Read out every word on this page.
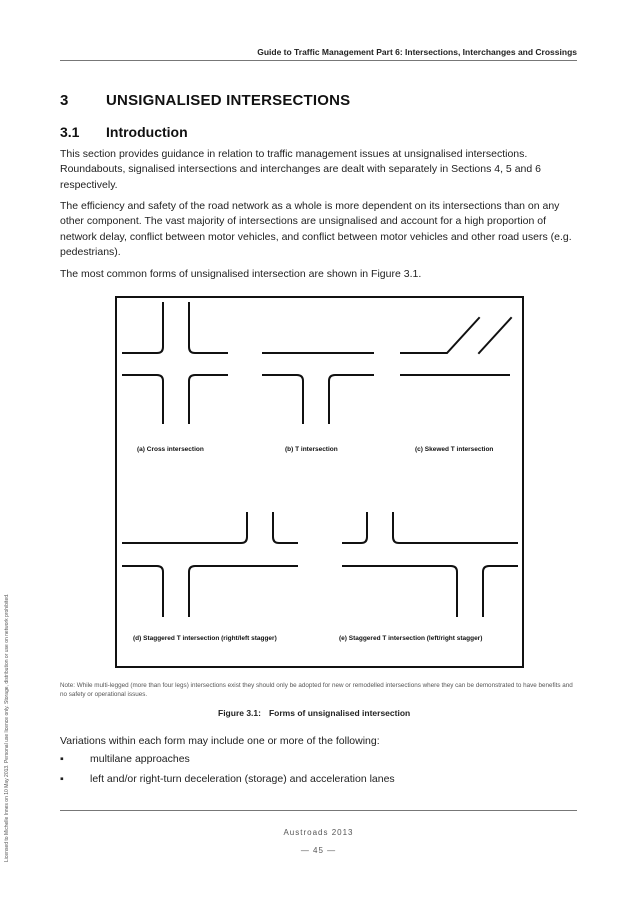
Guide to Traffic Management Part 6: Intersections, Interchanges and Crossings
3 UNSIGNALISED INTERSECTIONS
3.1 Introduction
This section provides guidance in relation to traffic management issues at unsignalised intersections. Roundabouts, signalised intersections and interchanges are dealt with separately in Sections 4, 5 and 6 respectively.
The efficiency and safety of the road network as a whole is more dependent on its intersections than on any other component. The vast majority of intersections are unsignalised and account for a high proportion of network delay, conflict between motor vehicles, and conflict between motor vehicles and other road users (e.g. pedestrians).
The most common forms of unsignalised intersection are shown in Figure 3.1.
(a) Cross intersection	(b) T intersection	(c) Skewed T intersection
(d) Staggered T intersection (right/left stagger)	(e) Staggered T intersection (left/right stagger)
Note: While multi-legged (more than four legs) intersections exist they should only be adopted for new or remodelled intersections where they can be demonstrated to have benefits and no safety or operational issues.
Figure 3.1: Forms of unsignalised intersection
Variations within each form may include one or more of the following:
▪	multilane approaches
▪	left and/or right-turn deceleration (storage) and acceleration lanes
Austroads 2013
— 45 —
Licensed to Michelle Innes on 10 May 2013. Personal use licence only. Storage, distribution or use on network prohibited.
